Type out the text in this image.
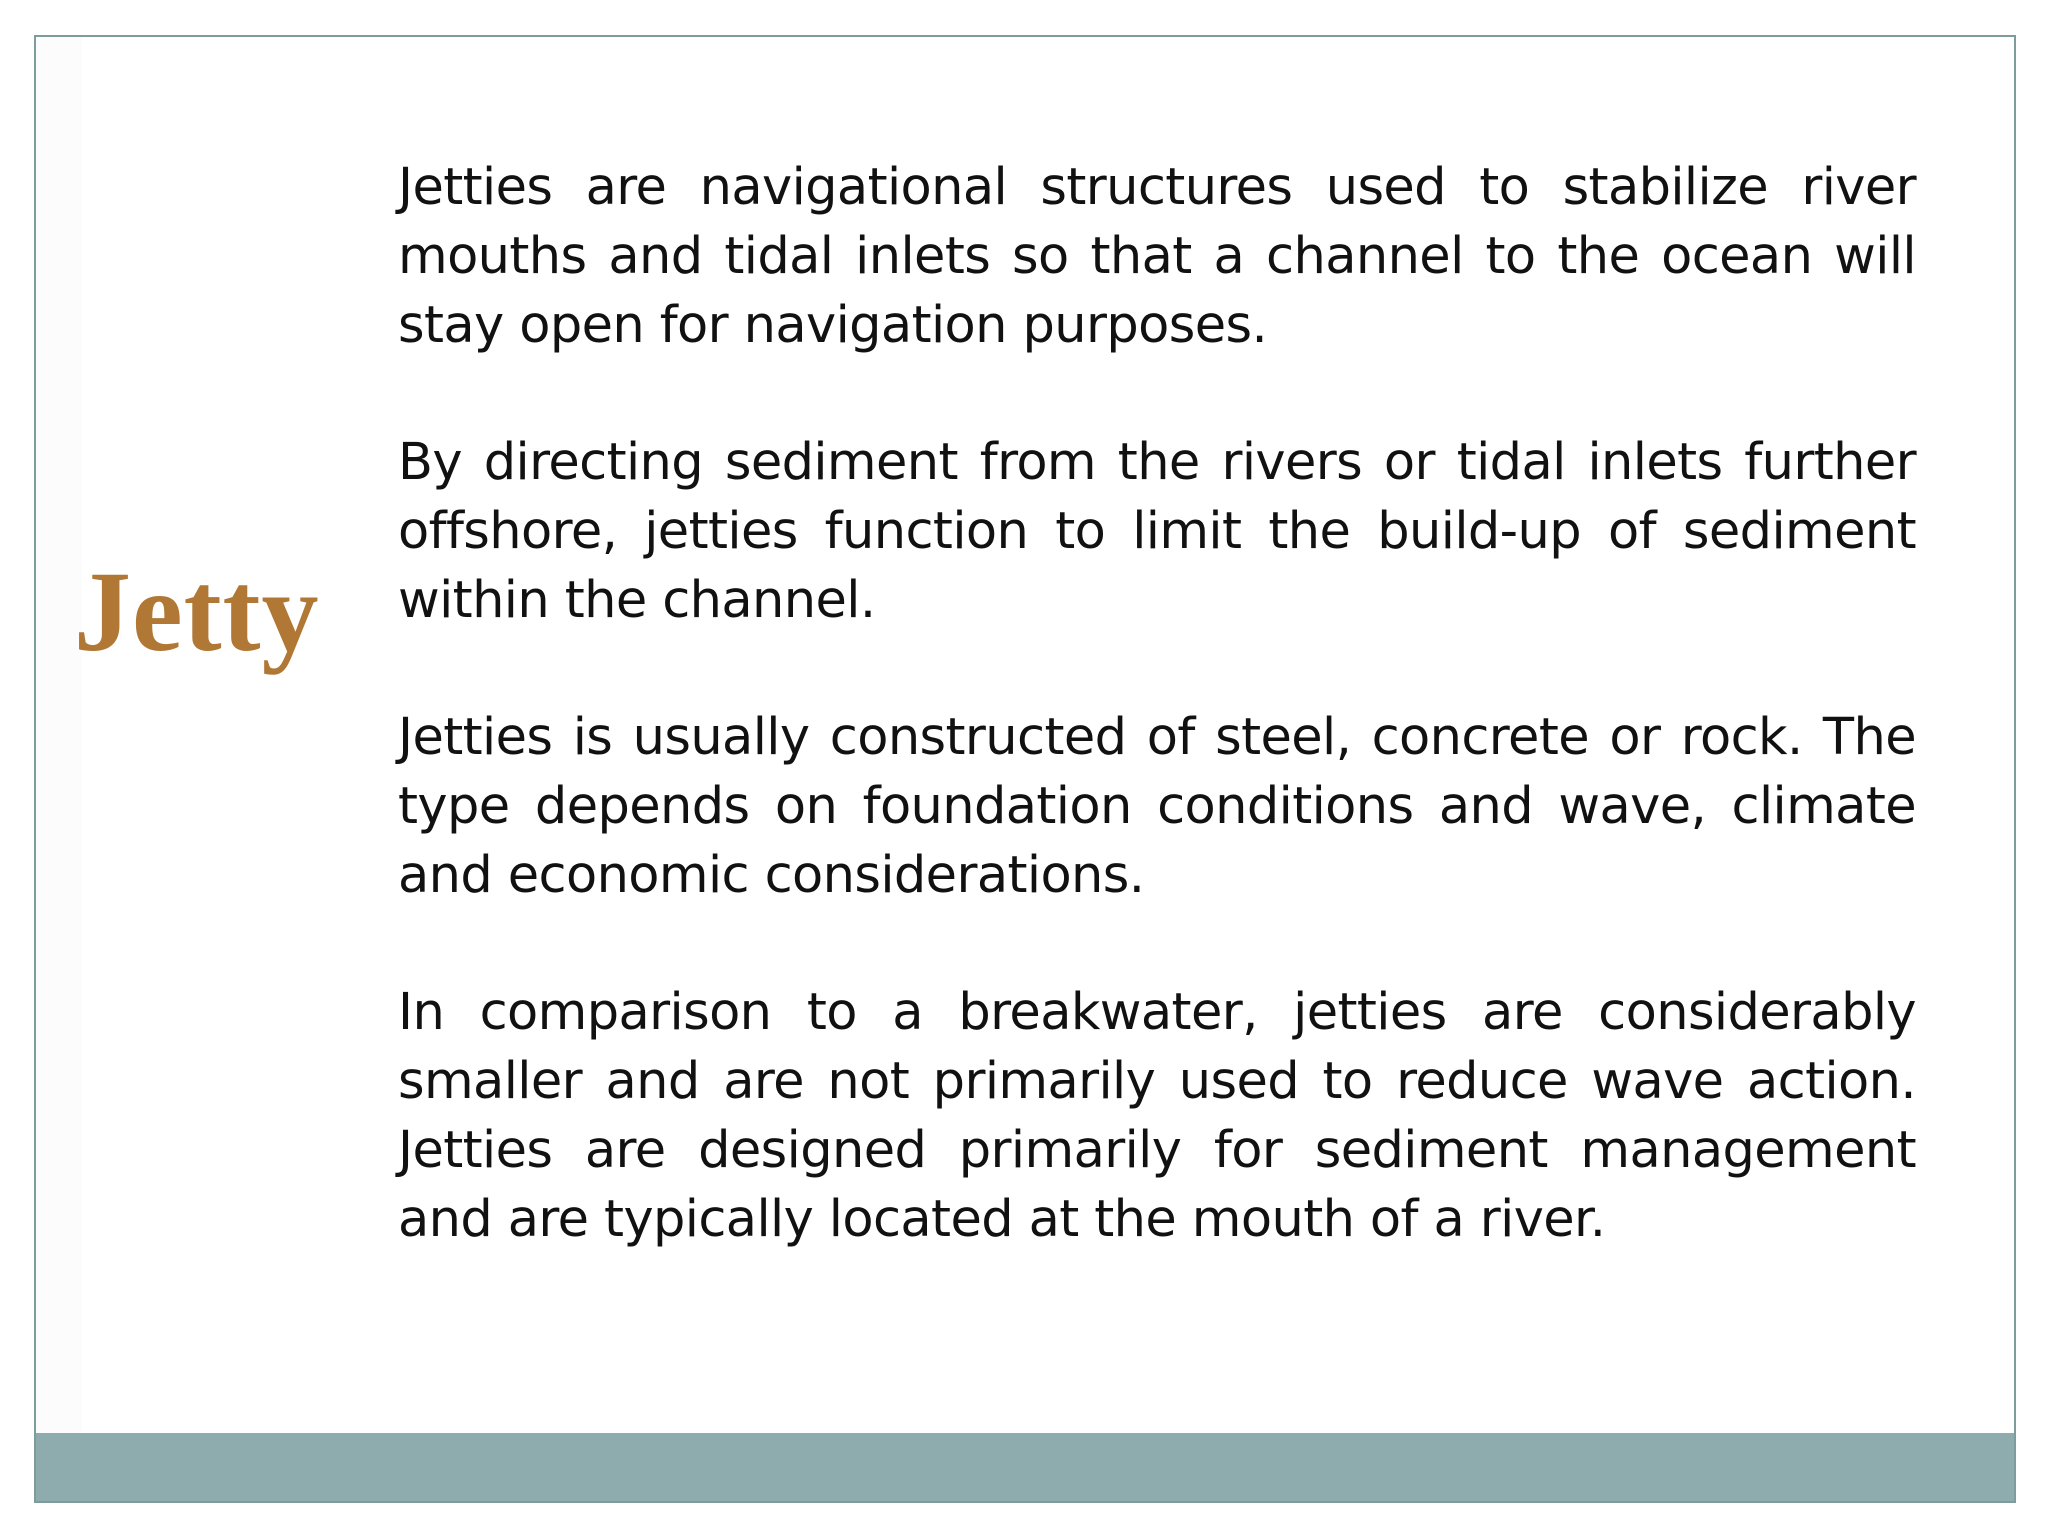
Jetty

Jetties are navigational structures used to stabilize river mouths and tidal inlets so that a channel to the ocean will stay open for navigation purposes.

By directing sediment from the rivers or tidal inlets further offshore, jetties function to limit the build-up of sediment within the channel.

Jetties is usually constructed of steel, concrete or rock. The type depends on foundation conditions and wave, climate and economic considerations.

In comparison to a breakwater, jetties are considerably smaller and are not primarily used to reduce wave action. Jetties are designed primarily for sediment management and are typically located at the mouth of a river.
